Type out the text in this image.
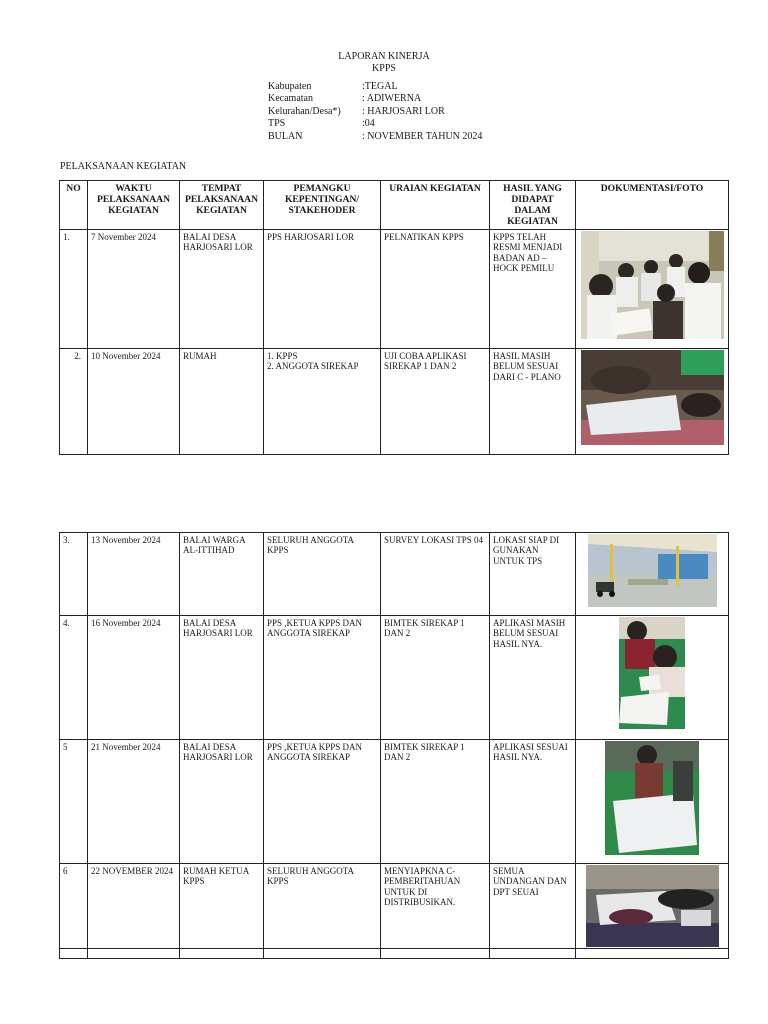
LAPORAN KINERJA
KPPS
Kabupaten	:TEGAL
Kecamatan	: ADIWERNA
Kelurahan/Desa*)	: HARJOSARI LOR
TPS	:04
BULAN	: NOVEMBER TAHUN 2024
PELAKSANAAN KEGIATAN
NO	WAKTU PELAKSANAAN KEGIATAN	TEMPAT PELAKSANAAN KEGIATAN	PEMANGKU KEPENTINGAN/ STAKEHODER	URAIAN KEGIATAN	HASIL YANG DIDAPAT DALAM KEGIATAN	DOKUMENTASI/FOTO
1.	7 November 2024	BALAI DESA HARJOSARI LOR	PPS HARJOSARI LOR	PELNATIKAN KPPS	KPPS TELAH RESMI MENJADI BADAN AD – HOCK PEMILU	

2.	10 November 2024	RUMAH	1. KPPS
2. ANGGOTA SIREKAP	UJI COBA APLIKASI SIREKAP 1 DAN 2	HASIL MASIH BELUM SESUAI DARI C - PLANO	
3.	13 November 2024	BALAI WARGA AL-ITTIHAD	SELURUH ANGGOTA KPPS	SURVEY LOKASI TPS 04	LOKASI SIAP DI GUNAKAN UNTUK TPS	

4.	16 November 2024	BALAI DESA HARJOSARI LOR	PPS ,KETUA KPPS DAN ANGGOTA SIREKAP	BIMTEK SIREKAP 1 DAN 2	APLIKASI MASIH BELUM SESUAI HASIL NYA.	

5	21 November 2024	BALAI DESA HARJOSARI LOR	PPS ,KETUA KPPS DAN ANGGOTA SIREKAP	BIMTEK SIREKAP 1 DAN 2	APLIKASI SESUAI HASIL NYA.	

6	22 NOVEMBER 2024	RUMAH KETUA KPPS	SELURUH ANGGOTA KPPS	MENYIAPKNA C-PEMBERITAHUAN UNTUK DI DISTRIBUSIKAN.	SEMUA UNDANGAN DAN DPT SEUAI	
